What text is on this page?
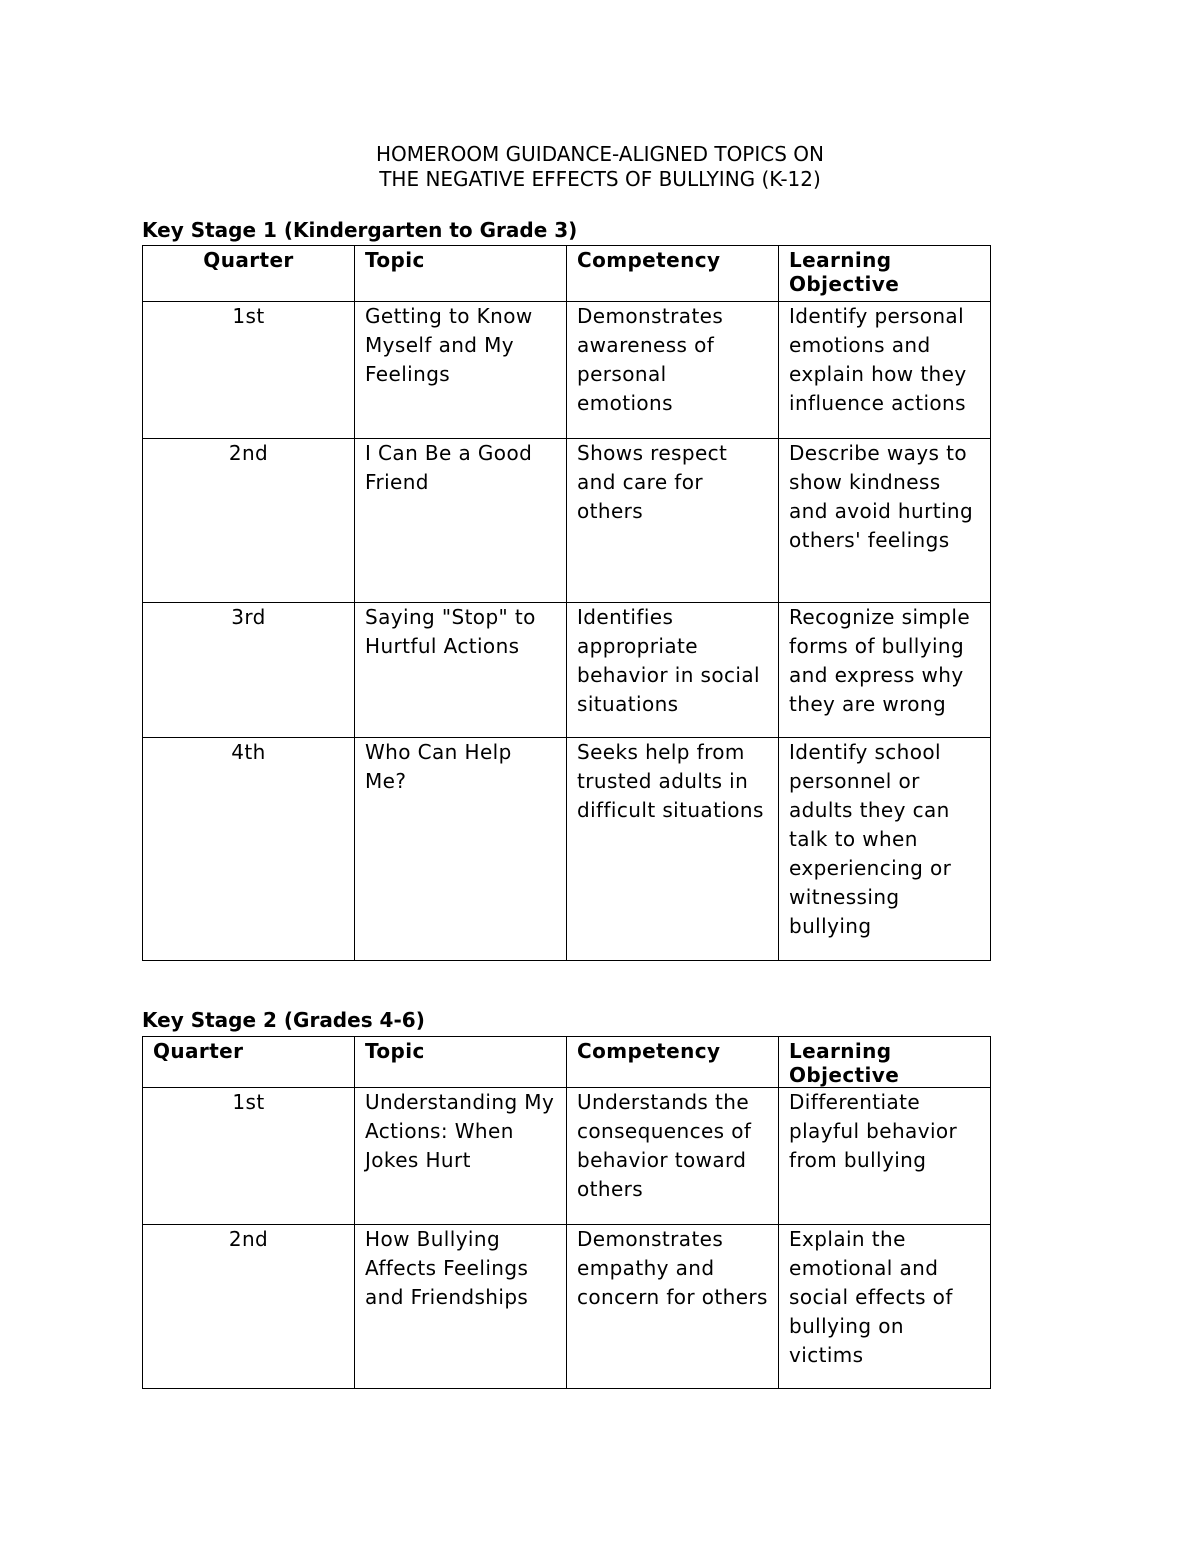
HOMEROOM GUIDANCE-ALIGNED TOPICS ON
THE NEGATIVE EFFECTS OF BULLYING (K-12)
Key Stage 1 (Kindergarten to Grade 3)
Quarter	Topic	Competency	Learning Objective
1st	Getting to Know Myself and My Feelings	Demonstrates awareness of personal emotions	Identify personal emotions and explain how they influence actions
2nd	I Can Be a Good Friend	Shows respect and care for others	Describe ways to show kindness and avoid hurting others' feelings
3rd	Saying "Stop" to Hurtful Actions	Identifies appropriate behavior in social situations	Recognize simple forms of bullying and express why they are wrong
4th	Who Can Help Me?	Seeks help from trusted adults in difficult situations	Identify school personnel or adults they can talk to when experiencing or witnessing bullying
Key Stage 2 (Grades 4-6)
Quarter	Topic	Competency	Learning Objective
1st	Understanding My Actions: When Jokes Hurt	Understands the consequences of behavior toward others	Differentiate playful behavior from bullying
2nd	How Bullying Affects Feelings and Friendships	Demonstrates empathy and concern for others	Explain the emotional and social effects of bullying on victims
